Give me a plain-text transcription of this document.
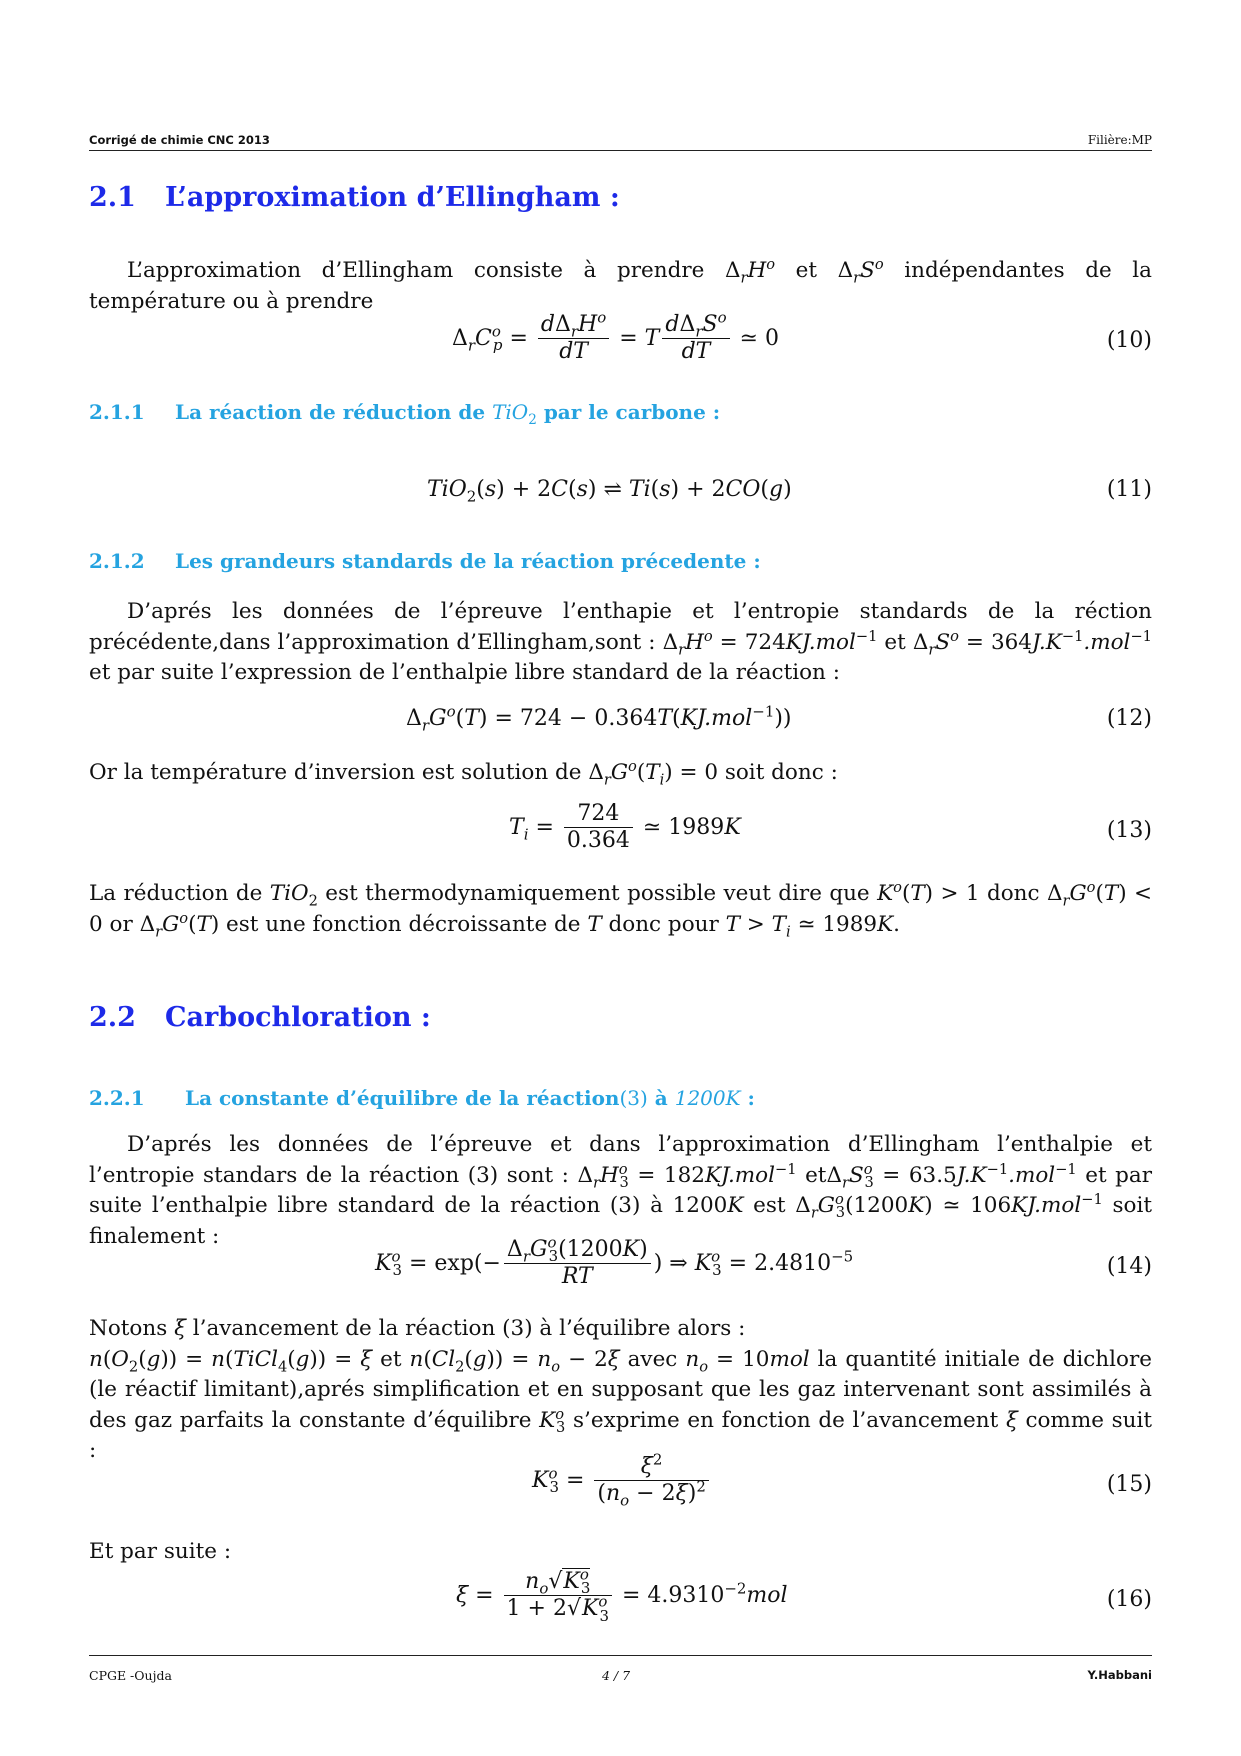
Corrigé de chimie CNC 2013	Filière:MP
2.1 L’approximation d’Ellingham :
L’approximation d’Ellingham consiste à prendre $\Delta_rH^o$ et $\Delta_rS^o$ indépendantes de la température ou à prendre
$\Delta_rC^o_p = \frac{d\Delta_rH^o}{dT} = T \frac{d\Delta_rS^o}{dT}$ ≃ 0	(10)
2.1.1 La réaction de réduction de TiO$_2$ par le carbone :
TiO$_2$(s) + 2C(s) ⇌ Ti(s) + 2CO(g)	(11)
2.1.2 Les grandeurs standards de la réaction précedente :
D’aprés les données de l’épreuve l’enthapie et l’entropie standards de la réction précédente,dans l’approximation d’Ellingham,sont : $\Delta_rH^o = 724KJ.mol^{-1}$ et $\Delta_rS^o = 364J.K^{-1}.mol^{-1}$ et par suite l’expression de l’enthalpie libre standard de la réaction :
$\Delta_rG^o(T) = 724 - 0.364T(KJ.mol^{-1})$)	(12)
Or la température d’inversion est solution de $\Delta_rG^o(T_i) = 0$ soit donc :
$T_i = \frac{724}{0.364}$ ≃ 1989K	(13)
La réduction de TiO$_2$ est thermodynamiquement possible veut dire que $K^o(T) > 1$ donc $\Delta_rG^o(T) < 0$ or $\Delta_rG^o(T)$ est une fonction décroissante de T donc pour $T > T_i$ ≃ 1989K.
2.2 Carbochloration :
2.2.1 La constante d’équilibre de la réaction(3) à 1200K :
D’aprés les données de l’épreuve et dans l’approximation d’Ellingham l’enthalpie et l’entropie standars de la réaction (3) sont : $\Delta_rH^o_3 = 182KJ.mol^{-1}$ $et\Delta_rS^o_3 = 63.5J.K^{-1}.mol^{-1}$ et par suite l’enthalpie libre standard de la réaction (3) à 1200K est $\Delta_rG^o_3(1200K)$ ≃ 106KJ.mol$^{-1}$ soit finalement :
$K^o_3 = \exp(- \frac{\Delta_rG^o_3(1200K)}{RT}$ ) ⇒ $K^o_3 = 2.4810^{-5}$	(14)
Notons ξ l’avancement de la réaction (3) à l’équilibre alors :
$n(O_2(g))$ = n(TiCl$_4$(g)) = ξ et $n(Cl_2(g)) = n_o - 2\xi$ avec $n_o = 10mol$ la quantité initiale de dichlore (le réactif limitant),aprés simplification et en supposant que les gaz intervenant sont assimilés à des gaz parfaits la constante d’équilibre $K^o_3$ s’exprime en fonction de l’avancement ξ comme suit :
$K^o_3 = \frac{\xi^2}{(n_o - 2\xi)^2}$	(15)
Et par suite :
$\xi = \frac{n_o√K^o_3}{1 + 2√K^o_3} = 4.9310^{-2}mol$	(16)
CPGE -Oujda	4 / 7	Y.Habbani
